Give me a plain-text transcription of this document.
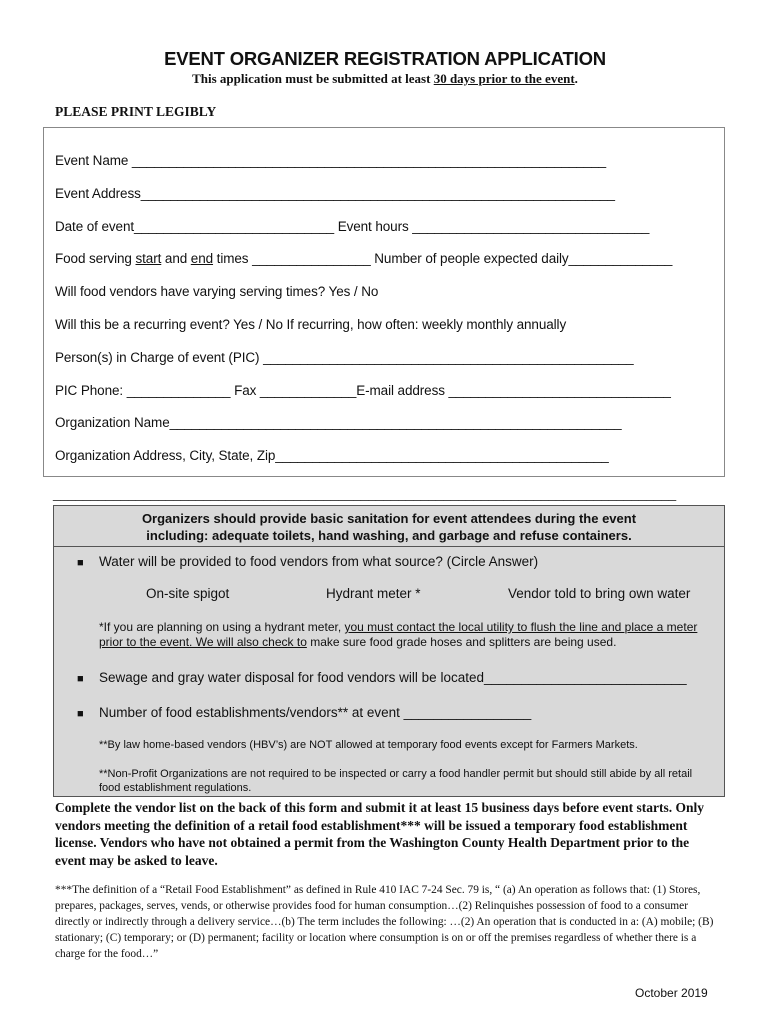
EVENT ORGANIZER REGISTRATION APPLICATION
This application must be submitted at least 30 days prior to the event.
PLEASE PRINT LEGIBLY
Event Name ________________________________________________________________
Event Address________________________________________________________________
Date of event___________________________ Event hours ________________________________
Food serving start and end times ________________ Number of people expected daily______________
Will food vendors have varying serving times? Yes / No
Will this be a recurring event? Yes / No If recurring, how often: weekly monthly annually
Person(s) in Charge of event (PIC) __________________________________________________
PIC Phone: ______________ Fax _____________E-mail address ______________________________
Organization Name_____________________________________________________________
Organization Address, City, State, Zip_____________________________________________
___________________________________________________________________________________
Organizers should provide basic sanitation for event attendees during the event
including: adequate toilets, hand washing, and garbage and refuse containers.
■ Water will be provided to food vendors from what source? (Circle Answer)
On-site spigot	Hydrant meter *	Vendor told to bring own water
*If you are planning on using a hydrant meter, you must contact the local utility to flush the line and place a meter prior to the event. We will also check to make sure food grade hoses and splitters are being used.
■ Sewage and gray water disposal for food vendors will be located___________________________
■ Number of food establishments/vendors** at event _________________
**By law home-based vendors (HBV’s) are NOT allowed at temporary food events except for Farmers Markets.
**Non-Profit Organizations are not required to be inspected or carry a food handler permit but should still abide by all retail food establishment regulations.
Complete the vendor list on the back of this form and submit it at least 15 business days before event starts. Only vendors meeting the definition of a retail food establishment*** will be issued a temporary food establishment license. Vendors who have not obtained a permit from the Washington County Health Department prior to the event may be asked to leave.
***The definition of a “Retail Food Establishment” as defined in Rule 410 IAC 7-24 Sec. 79 is, “ (a) An operation as follows that: (1) Stores, prepares, packages, serves, vends, or otherwise provides food for human consumption…(2) Relinquishes possession of food to a consumer directly or indirectly through a delivery service…(b) The term includes the following: …(2) An operation that is conducted in a: (A) mobile; (B) stationary; (C) temporary; or (D) permanent; facility or location where consumption is on or off the premises regardless of whether there is a charge for the food…”
October 2019
